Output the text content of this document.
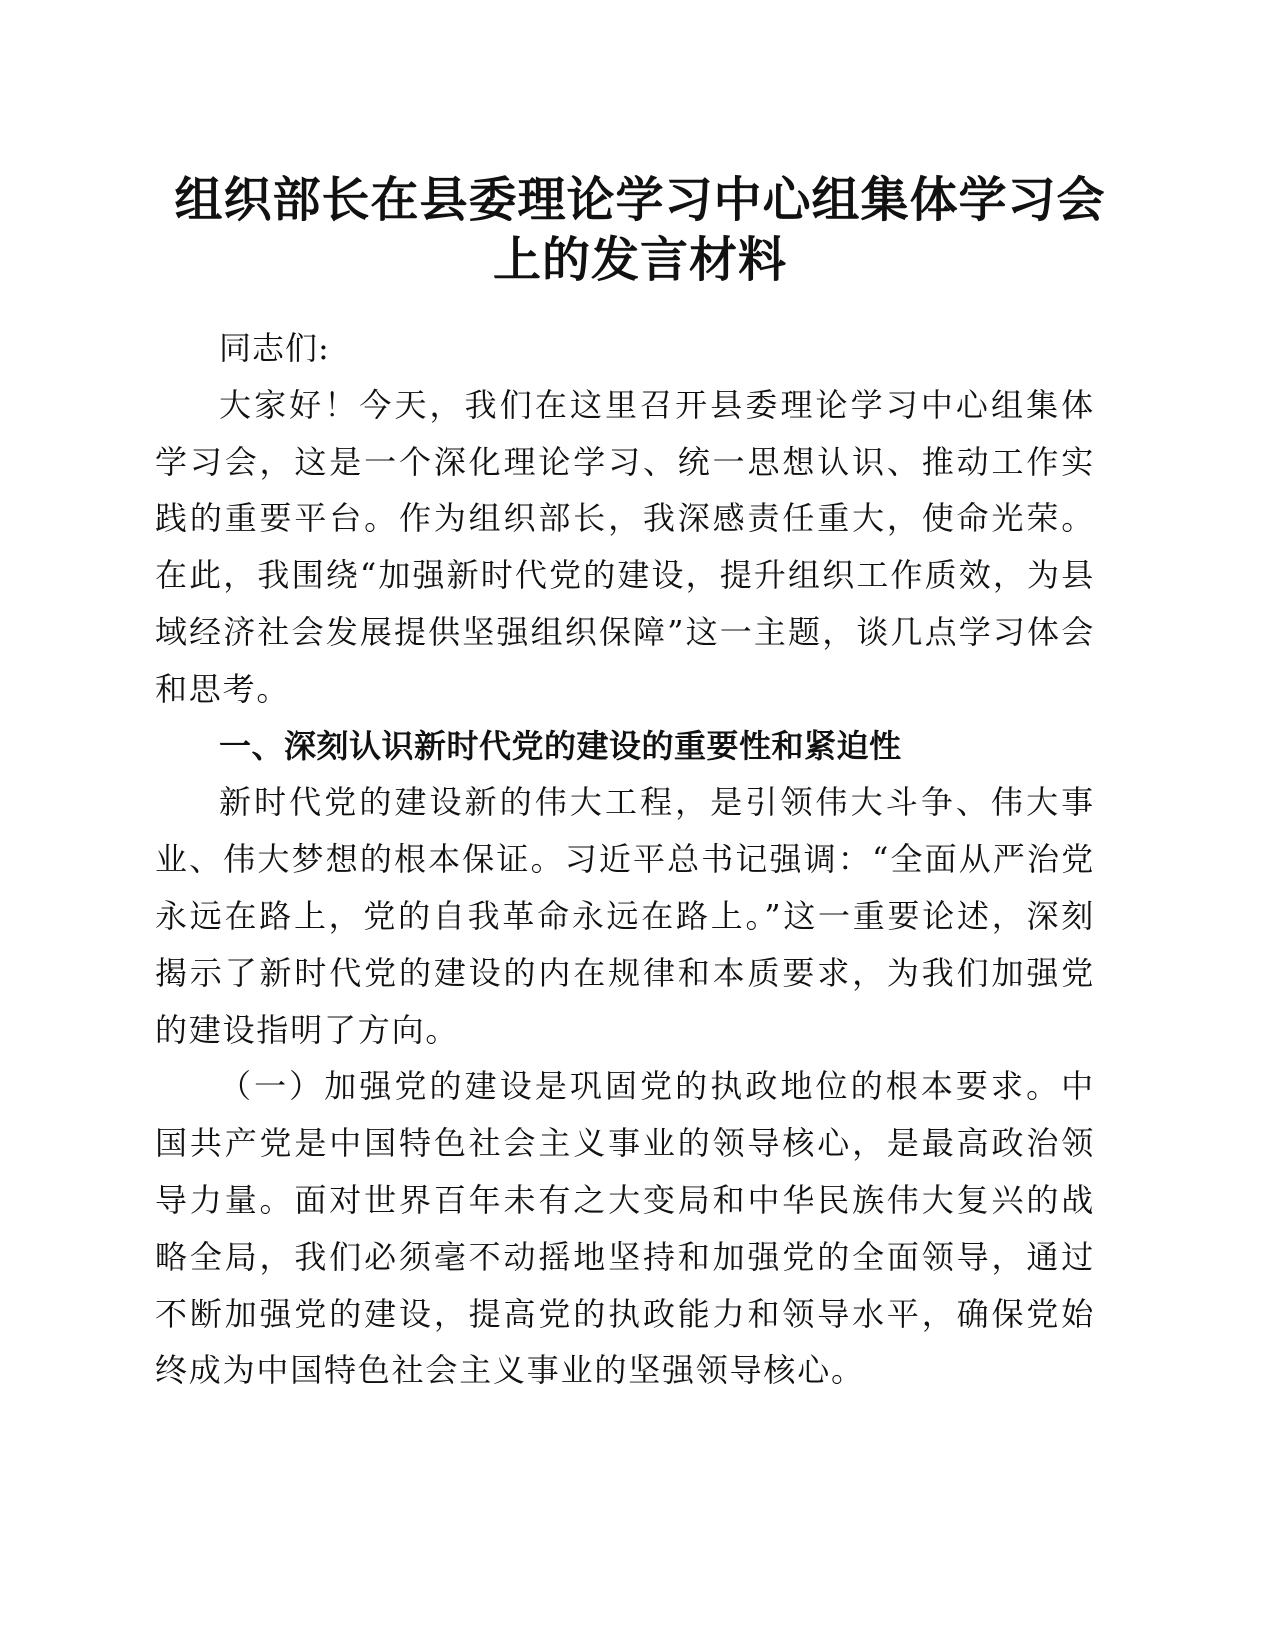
组织部长在县委理论学习中心组集体学习会上的发言材料

同志们:

大家好！今天，我们在这里召开县委理论学习中心组集体学习会，这是一个深化理论学习、统一思想认识、推动工作实践的重要平台。作为组织部长，我深感责任重大，使命光荣。在此，我围绕“加强新时代党的建设，提升组织工作质效，为县域经济社会发展提供坚强组织保障”这一主题，谈几点学习体会和思考。

一、深刻认识新时代党的建设的重要性和紧迫性

新时代党的建设新的伟大工程，是引领伟大斗争、伟大事业、伟大梦想的根本保证。习近平总书记强调：“全面从严治党永远在路上，党的自我革命永远在路上。”这一重要论述，深刻揭示了新时代党的建设的内在规律和本质要求，为我们加强党的建设指明了方向。

（一）加强党的建设是巩固党的执政地位的根本要求。中国共产党是中国特色社会主义事业的领导核心，是最高政治领导力量。面对世界百年未有之大变局和中华民族伟大复兴的战略全局，我们必须毫不动摇地坚持和加强党的全面领导，通过不断加强党的建设，提高党的执政能力和领导水平，确保党始终成为中国特色社会主义事业的坚强领导核心。
